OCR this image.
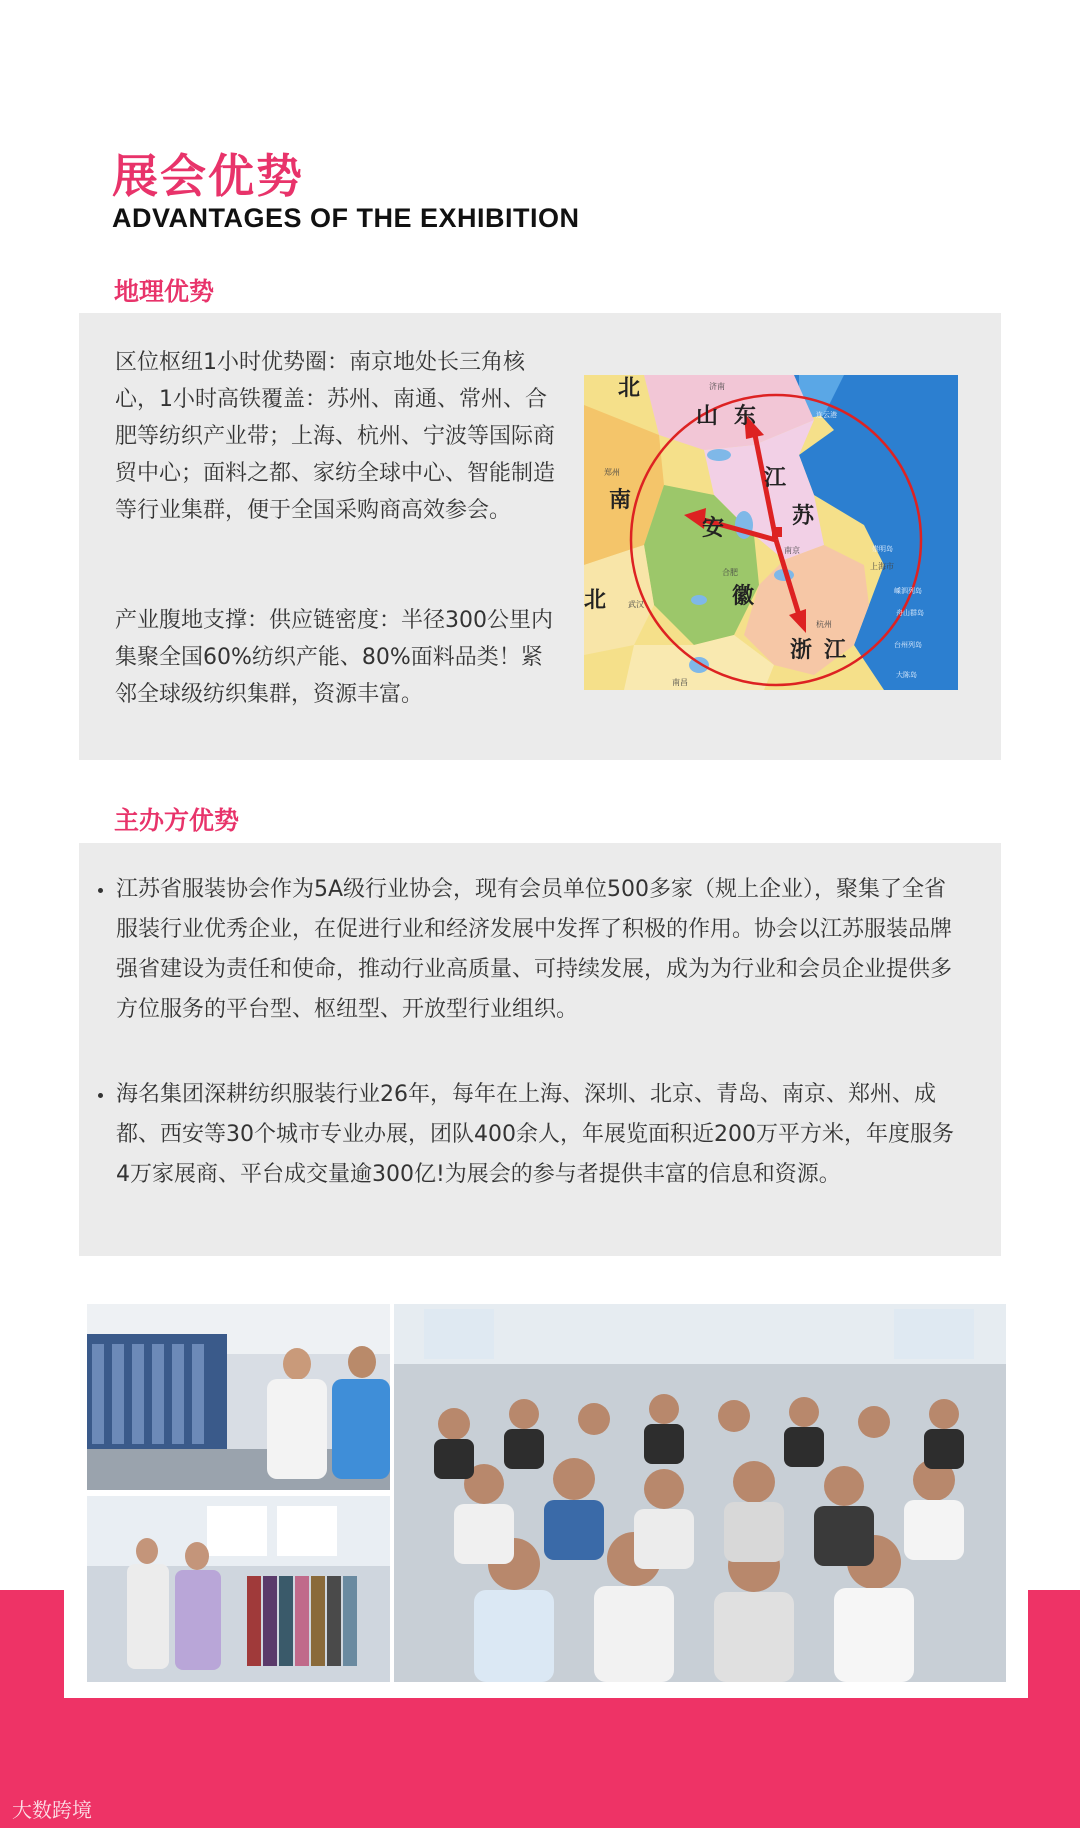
展会优势
ADVANTAGES OF THE EXHIBITION
地理优势
区位枢纽1小时优势圈：南京地处长三角核心，1小时高铁覆盖：苏州、南通、常州、合肥等纺织产业带；上海、杭州、宁波等国际商贸中心；面料之都、家纺全球中心、智能制造等行业集群，便于全国采购商高效参会。
产业腹地支撑：供应链密度：半径300公里内集聚全国60%纺织产能、80%面料品类！紧邻全球级纺织集群，资源丰富。
北
山 东
南
江
苏
安
徽
北
浙 江
济南
郑州
南京
合肥
上海市
杭州
武汉
南昌
连云港
嵊泗列岛
舟山群岛
台州列岛
大陈岛
崇明岛
主办方优势
江苏省服装协会作为5A级行业协会，现有会员单位500多家（规上企业），聚集了全省服装行业优秀企业，在促进行业和经济发展中发挥了积极的作用。协会以江苏服装品牌强省建设为责任和使命，推动行业高质量、可持续发展，成为为行业和会员企业提供多方位服务的平台型、枢纽型、开放型行业组织。
海名集团深耕纺织服装行业26年，每年在上海、深圳、北京、青岛、南京、郑州、成都、西安等30个城市专业办展，团队400余人，年展览面积近200万平方米，年度服务4万家展商、平台成交量逾300亿!为展会的参与者提供丰富的信息和资源。
大数跨境
